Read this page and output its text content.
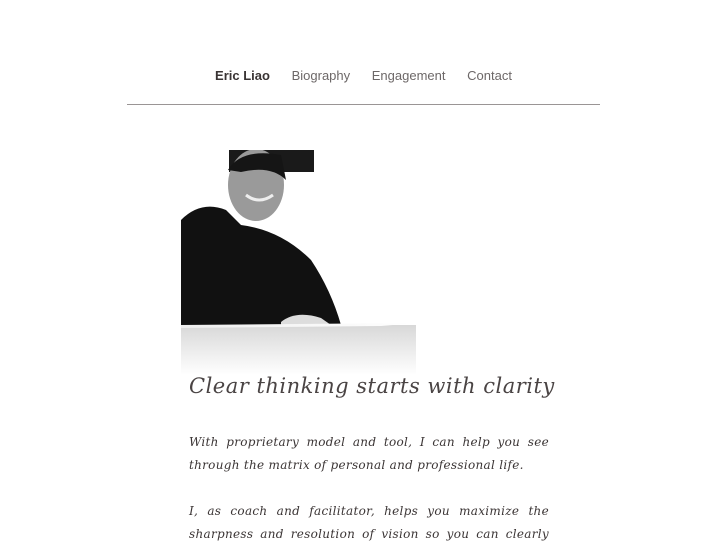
Eric Liao Biography Engagement Contact
Clear thinking starts with clarity
With proprietary model and tool, I can help you see
through the matrix of personal and professional life.
I, as coach and facilitator, helps you maximize the
sharpness and resolution of vision so you can clearly
